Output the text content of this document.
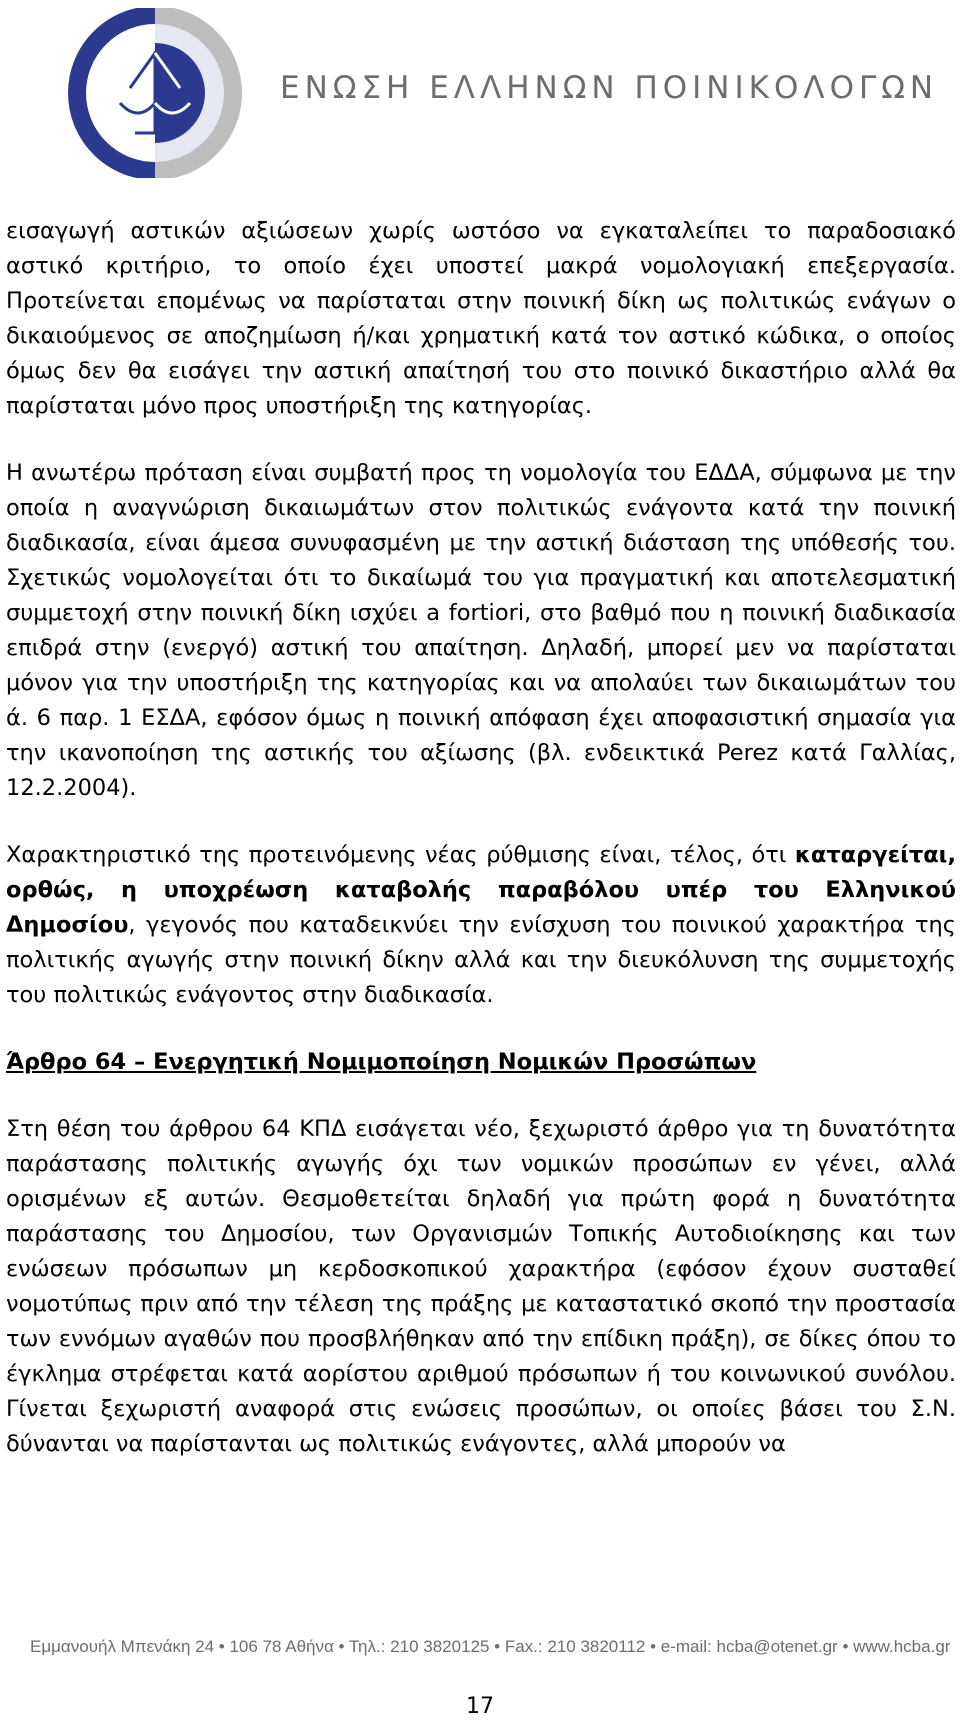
ΕΝΩΣΗ ΕΛΛΗΝΩΝ ΠΟΙΝΙΚΟΛΟΓΩΝ

εισαγωγή αστικών αξιώσεων χωρίς ωστόσο να εγκαταλείπει το παραδοσιακό αστικό κριτήριο, το οποίο έχει υποστεί μακρά νομολογιακή επεξεργασία. Προτείνεται επομένως να παρίσταται στην ποινική δίκη ως πολιτικώς ενάγων ο δικαιούμενος σε αποζημίωση ή/και χρηματική κατά τον αστικό κώδικα, ο οποίος όμως δεν θα εισάγει την αστική απαίτησή του στο ποινικό δικαστήριο αλλά θα παρίσταται μόνο προς υποστήριξη της κατηγορίας.

Η ανωτέρω πρόταση είναι συμβατή προς τη νομολογία του ΕΔΔΑ, σύμφωνα με την οποία η αναγνώριση δικαιωμάτων στον πολιτικώς ενάγοντα κατά την ποινική διαδικασία, είναι άμεσα συνυφασμένη με την αστική διάσταση της υπόθεσής του. Σχετικώς νομολογείται ότι το δικαίωμά του για πραγματική και αποτελεσματική συμμετοχή στην ποινική δίκη ισχύει a fortiori, στο βαθμό που η ποινική διαδικασία επιδρά στην (ενεργό) αστική του απαίτηση. Δηλαδή, μπορεί μεν να παρίσταται μόνον για την υποστήριξη της κατηγορίας και να απολαύει των δικαιωμάτων του ά. 6 παρ. 1 ΕΣΔΑ, εφόσον όμως η ποινική απόφαση έχει αποφασιστική σημασία για την ικανοποίηση της αστικής του αξίωσης (βλ. ενδεικτικά Perez κατά Γαλλίας, 12.2.2004).

Χαρακτηριστικό της προτεινόμενης νέας ρύθμισης είναι, τέλος, ότι καταργείται, ορθώς, η υποχρέωση καταβολής παραβόλου υπέρ του Ελληνικού Δημοσίου, γεγονός που καταδεικνύει την ενίσχυση του ποινικού χαρακτήρα της πολιτικής αγωγής στην ποινική δίκην αλλά και την διευκόλυνση της συμμετοχής του πολιτικώς ενάγοντος στην διαδικασία.

Άρθρο 64 – Ενεργητική Νομιμοποίηση Νομικών Προσώπων

Στη θέση του άρθρου 64 ΚΠΔ εισάγεται νέο, ξεχωριστό άρθρο για τη δυνατότητα παράστασης πολιτικής αγωγής όχι των νομικών προσώπων εν γένει, αλλά ορισμένων εξ αυτών. Θεσμοθετείται δηλαδή για πρώτη φορά η δυνατότητα παράστασης του Δημοσίου, των Οργανισμών Τοπικής Αυτοδιοίκησης και των ενώσεων πρόσωπων μη κερδοσκοπικού χαρακτήρα (εφόσον έχουν συσταθεί νομοτύπως πριν από την τέλεση της πράξης με καταστατικό σκοπό την προστασία των εννόμων αγαθών που προσβλήθηκαν από την επίδικη πράξη), σε δίκες όπου το έγκλημα στρέφεται κατά αορίστου αριθμού πρόσωπων ή του κοινωνικού συνόλου. Γίνεται ξεχωριστή αναφορά στις ενώσεις προσώπων, οι οποίες βάσει του Σ.Ν. δύνανται να παρίστανται ως πολιτικώς ενάγοντες, αλλά μπορούν να

Εμμανουήλ Μπενάκη 24 • 106 78 Αθήνα • Τηλ.: 210 3820125 • Fax.: 210 3820112 • e-mail: hcba@otenet.gr • www.hcba.gr
17
